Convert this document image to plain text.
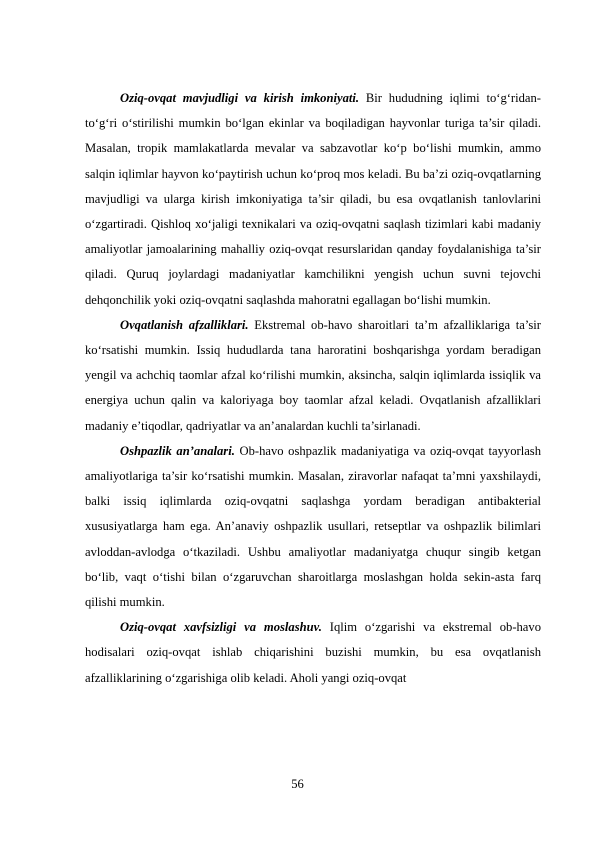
Oziq-ovqat mavjudligi va kirish imkoniyati. Bir hududning iqlimi to‘g‘ridan-to‘g‘ri o‘stirilishi mumkin bo‘lgan ekinlar va boqiladigan hayvonlar turiga ta’sir qiladi. Masalan, tropik mamlakatlarda mevalar va sabzavotlar ko‘p bo‘lishi mumkin, ammo salqin iqlimlar hayvon ko‘paytirish uchun ko‘proq mos keladi. Bu ba’zi oziq-ovqatlarning mavjudligi va ularga kirish imkoniyatiga ta’sir qiladi, bu esa ovqatlanish tanlovlarini o‘zgartiradi. Qishloq xo‘jaligi texnikalari va oziq-ovqatni saqlash tizimlari kabi madaniy amaliyotlar jamoalarining mahalliy oziq-ovqat resurslaridan qanday foydalanishiga ta’sir qiladi. Quruq joylardagi madaniyatlar kamchilikni yengish uchun suvni tejovchi dehqonchilik yoki oziq-ovqatni saqlashda mahoratni egallagan bo‘lishi mumkin.

Ovqatlanish afzalliklari. Ekstremal ob-havo sharoitlari ta’m afzalliklariga ta’sir ko‘rsatishi mumkin. Issiq hududlarda tana haroratini boshqarishga yordam beradigan yengil va achchiq taomlar afzal ko‘rilishi mumkin, aksincha, salqin iqlimlarda issiqlik va energiya uchun qalin va kaloriyaga boy taomlar afzal keladi. Ovqatlanish afzalliklari madaniy e’tiqodlar, qadriyatlar va an’analardan kuchli ta’sirlanadi.

Oshpazlik an’analari. Ob-havo oshpazlik madaniyatiga va oziq-ovqat tayyorlash amaliyotlariga ta’sir ko‘rsatishi mumkin. Masalan, ziravorlar nafaqat ta’mni yaxshilaydi, balki issiq iqlimlarda oziq-ovqatni saqlashga yordam beradigan antibakterial xususiyatlarga ham ega. An’anaviy oshpazlik usullari, retseptlar va oshpazlik bilimlari avloddan-avlodga o‘tkaziladi. Ushbu amaliyotlar madaniyatga chuqur singib ketgan bo‘lib, vaqt o‘tishi bilan o‘zgaruvchan sharoitlarga moslashgan holda sekin-asta farq qilishi mumkin.

Oziq-ovqat xavfsizligi va moslashuv. Iqlim o‘zgarishi va ekstremal ob-havo hodisalari oziq-ovqat ishlab chiqarishini buzishi mumkin, bu esa ovqatlanish afzalliklarining o‘zgarishiga olib keladi. Aholi yangi oziq-ovqat

56
